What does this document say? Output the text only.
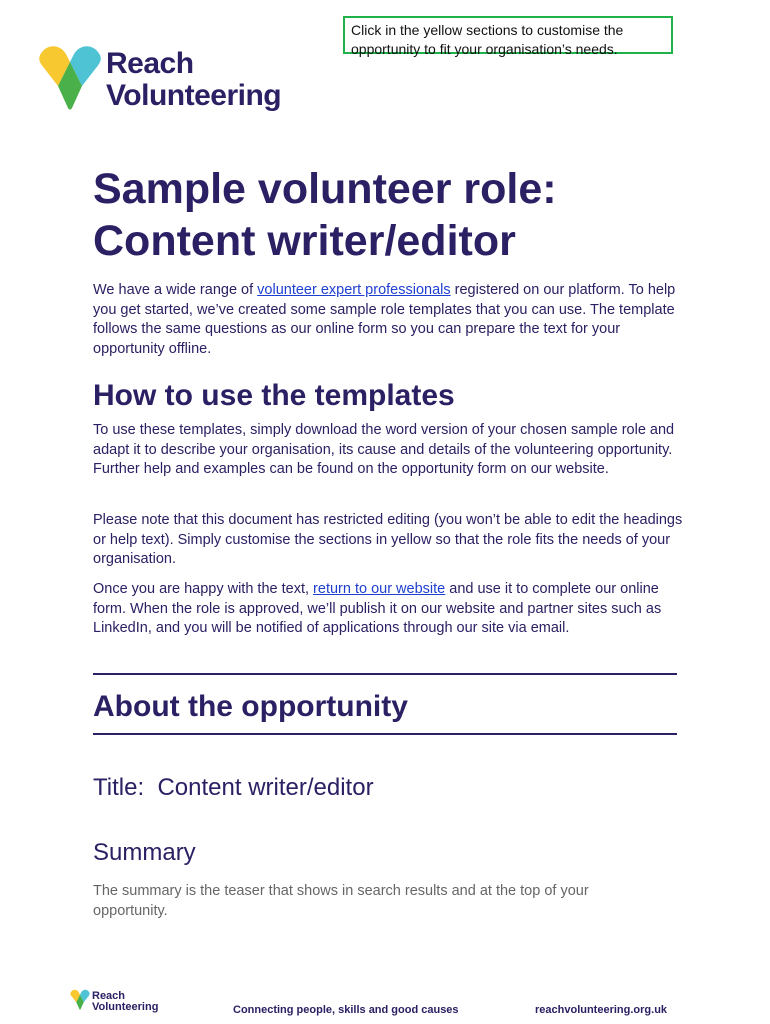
Click in the yellow sections to customise the opportunity to fit your organisation’s needs.
Reach
Volunteering
Sample volunteer role:
Content writer/editor

We have a wide range of volunteer expert professionals registered on our platform. To help you get started, we’ve created some sample role templates that you can use. The template follows the same questions as our online form so you can prepare the text for your opportunity offline.

How to use the templates

To use these templates, simply download the word version of your chosen sample role and adapt it to describe your organisation, its cause and details of the volunteering opportunity. Further help and examples can be found on the opportunity form on our website.

Please note that this document has restricted editing (you won’t be able to edit the headings or help text). Simply customise the sections in yellow so that the role fits the needs of your organisation.

Once you are happy with the text, return to our website and use it to complete our online form. When the role is approved, we’ll publish it on our website and partner sites such as LinkedIn, and you will be notified of applications through our site via email.

About the opportunity
Title: Content writer/editor
Summary
The summary is the teaser that shows in search results and at the top of your opportunity.
Reach
Volunteering	Connecting people, skills and good causes	reachvolunteering.org.uk
